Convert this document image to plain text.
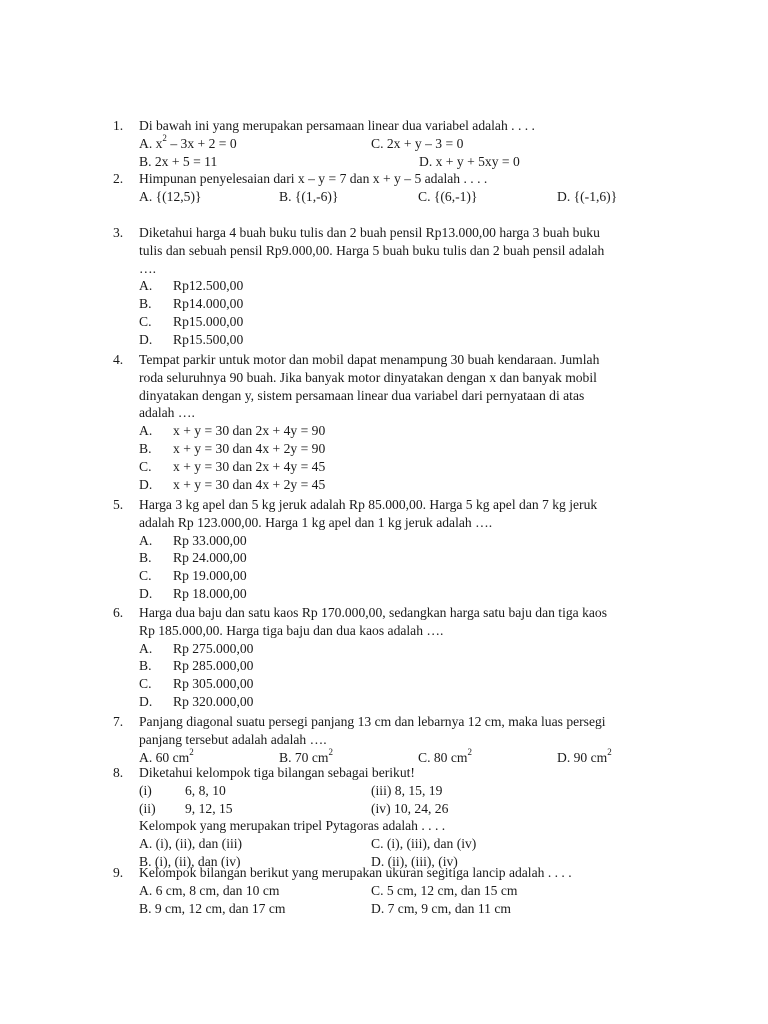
1.	Di bawah ini yang merupakan persamaan linear dua variabel adalah . . . .
A. $x^2 - 3x + 2 = 0$	C. 2x + y – 3 = 0
B. 2x + 5 = 11	D. x + y + 5xy = 0
2.	Himpunan penyelesaian dari x – y = 7 dan x + y – 5 adalah . . . .
A. {(12,5)}	B. {(1,-6)}	C. {(6,-1)}	D. {(-1,6)}
3.	Diketahui harga 4 buah buku tulis dan 2 buah pensil Rp13.000,00 harga 3 buah buku
tulis dan sebuah pensil Rp9.000,00. Harga 5 buah buku tulis dan 2 buah pensil adalah
….
A. Rp12.500,00
B. Rp14.000,00
C. Rp15.000,00
D. Rp15.500,00
4.	Tempat parkir untuk motor dan mobil dapat menampung 30 buah kendaraan. Jumlah
roda seluruhnya 90 buah. Jika banyak motor dinyatakan dengan x dan banyak mobil
dinyatakan dengan y, sistem persamaan linear dua variabel dari pernyataan di atas
adalah ….
A. x + y = 30 dan 2x + 4y = 90
B. x + y = 30 dan 4x + 2y = 90
C. x + y = 30 dan 2x + 4y = 45
D. x + y = 30 dan 4x + 2y = 45
5.	Harga 3 kg apel dan 5 kg jeruk adalah Rp 85.000,00. Harga 5 kg apel dan 7 kg jeruk
adalah Rp 123.000,00. Harga 1 kg apel dan 1 kg jeruk adalah ….
A. Rp 33.000,00
B. Rp 24.000,00
C. Rp 19.000,00
D. Rp 18.000,00
6.	Harga dua baju dan satu kaos Rp 170.000,00, sedangkan harga satu baju dan tiga kaos
Rp 185.000,00. Harga tiga baju dan dua kaos adalah ….
A. Rp 275.000,00
B. Rp 285.000,00
C. Rp 305.000,00
D. Rp 320.000,00
7.	Panjang diagonal suatu persegi panjang 13 cm dan lebarnya 12 cm, maka luas persegi
panjang tersebut adalah adalah ….
A. 60 $cm^2$	B. 70 $cm^2$	C. 80 $cm^2$	D. 90 $cm^2$
8.	Diketahui kelompok tiga bilangan sebagai berikut!
(i) 6, 8, 10	(iii) 8, 15, 19
(ii) 9, 12, 15	(iv) 10, 24, 26
Kelompok yang merupakan tripel Pytagoras adalah . . . .
A. (i), (ii), dan (iii)	C. (i), (iii), dan (iv)
B. (i), (ii), dan (iv)	D. (ii), (iii), (iv)
9.	Kelompok bilangan berikut yang merupakan ukuran segitiga lancip adalah . . . .
A. 6 cm, 8 cm, dan 10 cm	C. 5 cm, 12 cm, dan 15 cm
B. 9 cm, 12 cm, dan 17 cm	D. 7 cm, 9 cm, dan 11 cm
